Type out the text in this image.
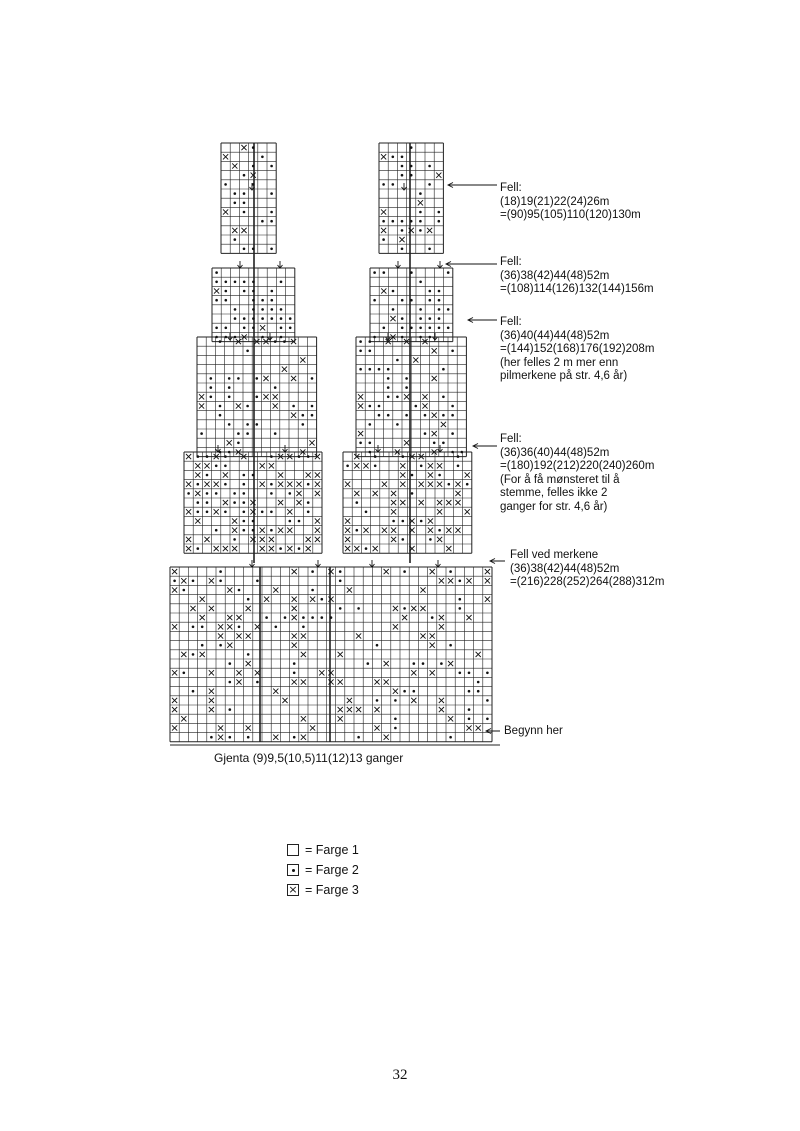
Fell:
(18)19(21)22(24)26m
=(90)95(105)110(120)130m
Fell:
(36)38(42)44(48)52m
=(108)114(126)132(144)156m
Fell:
(36)40(44)44(48)52m
=(144)152(168)176(192)208m
(her felles 2 m mer enn
pilmerkene på str. 4,6 år)
Fell:
(36)36(40)44(48)52m
=(180)192(212)220(240)260m
(For å få mønsteret til å
stemme, felles ikke 2
ganger for str. 4,6 år)
Fell ved merkene
(36)38(42)44(48)52m
=(216)228(252)264(288)312m
Begynn her
Gjenta (9)9,5(10,5)11(12)13 ganger
= Farge 1
= Farge 2
× = Farge 3
32
